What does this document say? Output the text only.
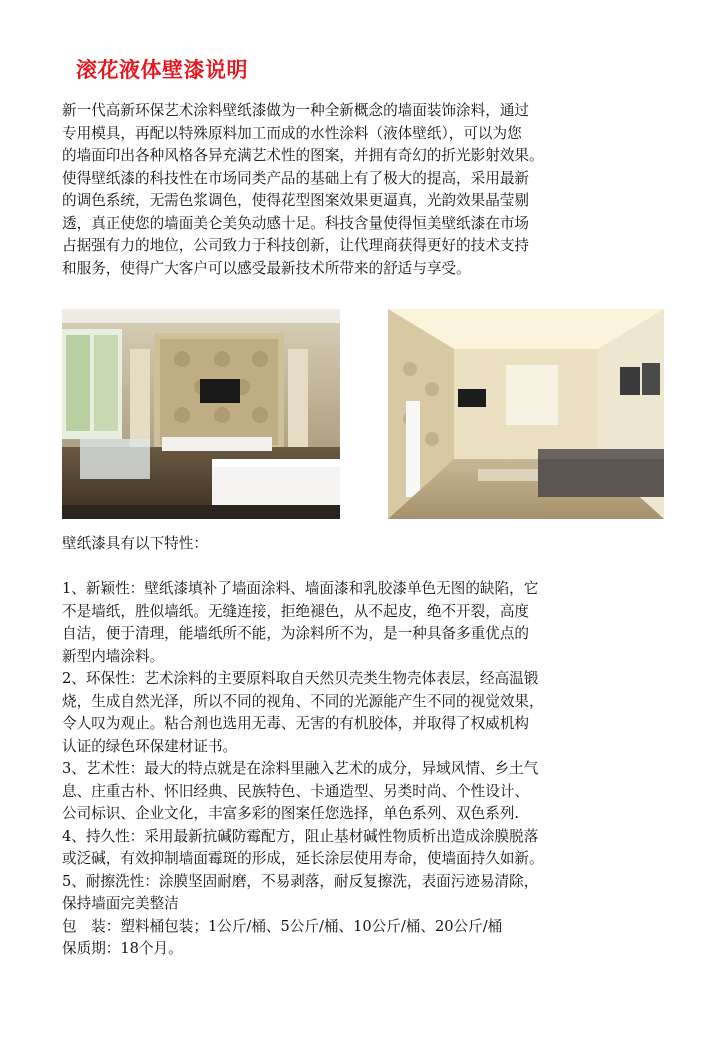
滚花液体壁漆说明
新一代高新环保艺术涂料壁纸漆做为一种全新概念的墙面装饰涂料，通过
专用模具，再配以特殊原料加工而成的水性涂料（液体壁纸），可以为您
的墙面印出各种风格各异充满艺术性的图案，并拥有奇幻的折光影射效果。
使得壁纸漆的科技性在市场同类产品的基础上有了极大的提高，采用最新
的调色系统，无需色浆调色，使得花型图案效果更逼真，光韵效果晶莹剔
透，真正使您的墙面美仑美奂动感十足。科技含量使得恒美壁纸漆在市场
占据强有力的地位，公司致力于科技创新，让代理商获得更好的技术支持
和服务，使得广大客户可以感受最新技术所带来的舒适与享受。
壁纸漆具有以下特性：
1、新颖性：壁纸漆填补了墙面涂料、墙面漆和乳胶漆单色无图的缺陷，它
不是墙纸，胜似墙纸。无缝连接，拒绝褪色，从不起皮，绝不开裂，高度
自洁，便于清理，能墙纸所不能，为涂料所不为，是一种具备多重优点的
新型内墙涂料。
2、环保性：艺术涂料的主要原料取自天然贝壳类生物壳体表层，经高温锻
烧，生成自然光泽，所以不同的视角、不同的光源能产生不同的视觉效果，
令人叹为观止。粘合剂也选用无毒、无害的有机胶体，并取得了权威机构
认证的绿色环保建材证书。
3、艺术性：最大的特点就是在涂料里融入艺术的成分，异域风情、乡土气
息、庄重古朴、怀旧经典、民族特色、卡通造型、另类时尚、个性设计、
公司标识、企业文化，丰富多彩的图案任您选择，单色系列、双色系列.
4、持久性：采用最新抗碱防霉配方，阻止基材碱性物质析出造成涂膜脱落
或泛碱，有效抑制墙面霉斑的形成，延长涂层使用寿命，使墙面持久如新。
5、耐擦洗性：涂膜坚固耐磨，不易剥落，耐反复擦洗，表面污迹易清除，
保持墙面完美整洁
包　装：塑料桶包装；1公斤/桶、5公斤/桶、10公斤/桶、20公斤/桶
保质期：18个月。
